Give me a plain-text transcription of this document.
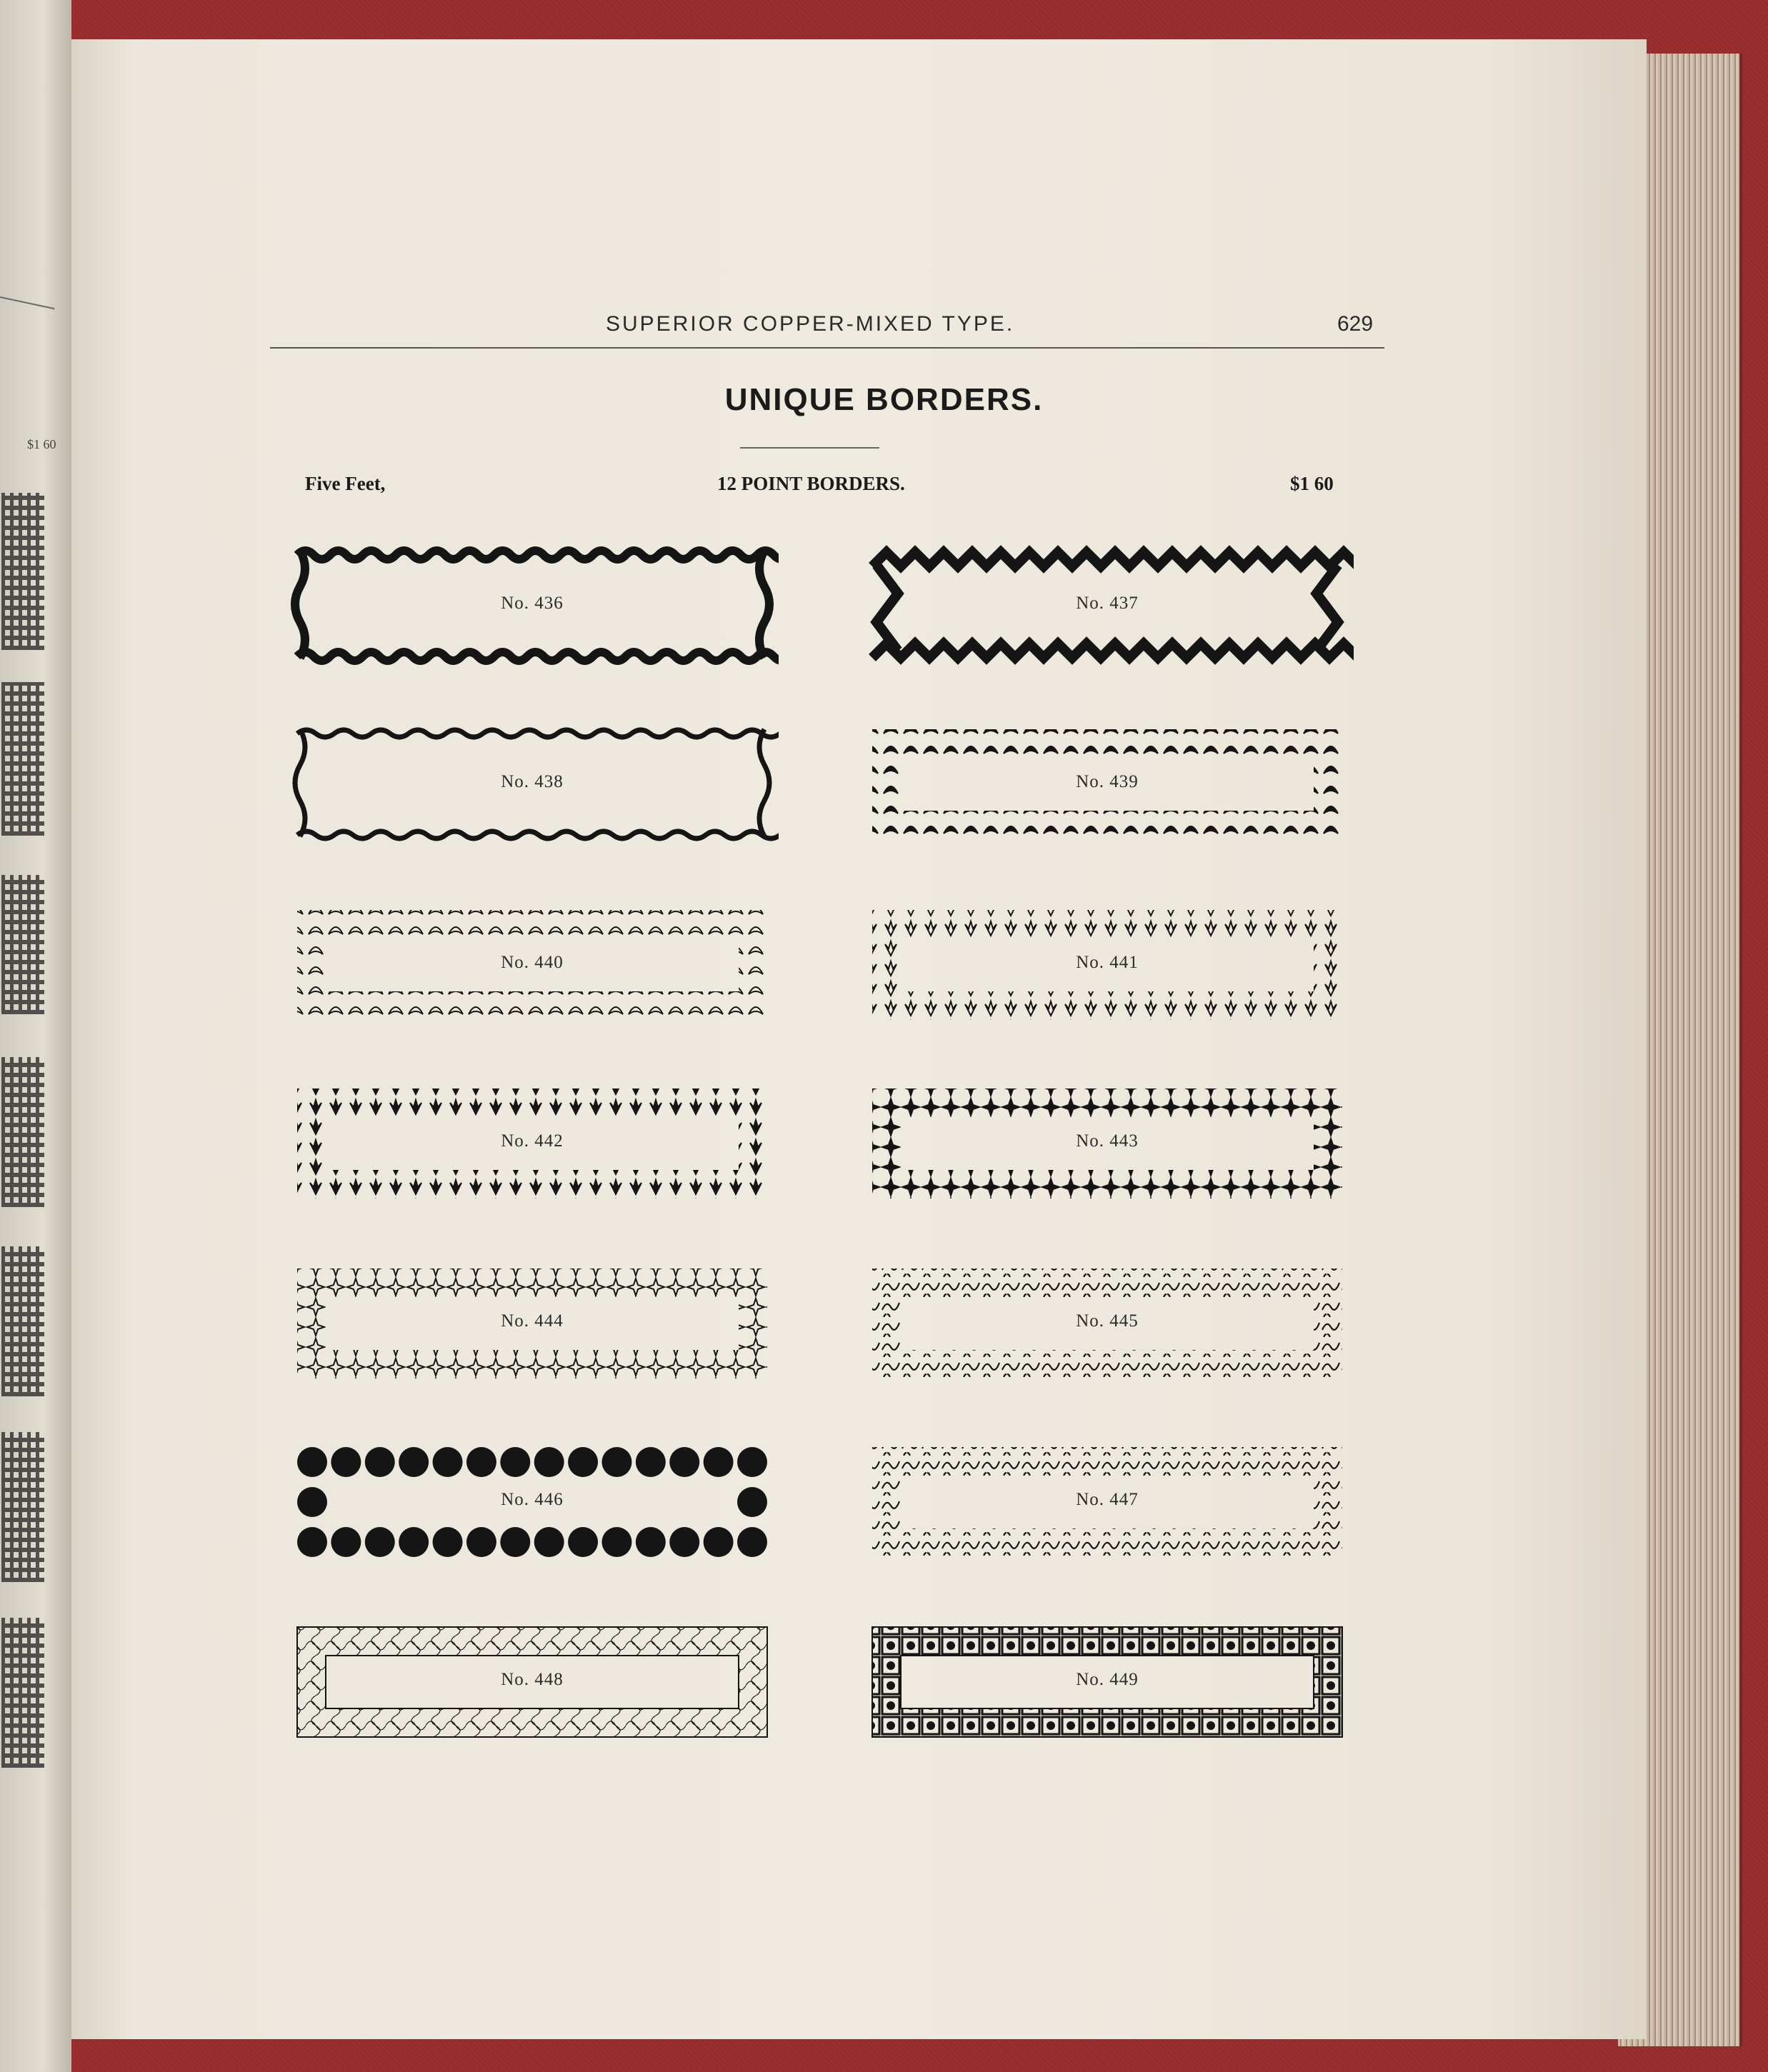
$1 60
SUPERIOR COPPER-MIXED TYPE.	629
UNIQUE BORDERS.
Five Feet,	12 POINT BORDERS.	$1 60
No. 436	No. 437
No. 438	No. 439
No. 440	No. 441
No. 442	No. 443
No. 444	No. 445
No. 446	No. 447
No. 448	No. 449
